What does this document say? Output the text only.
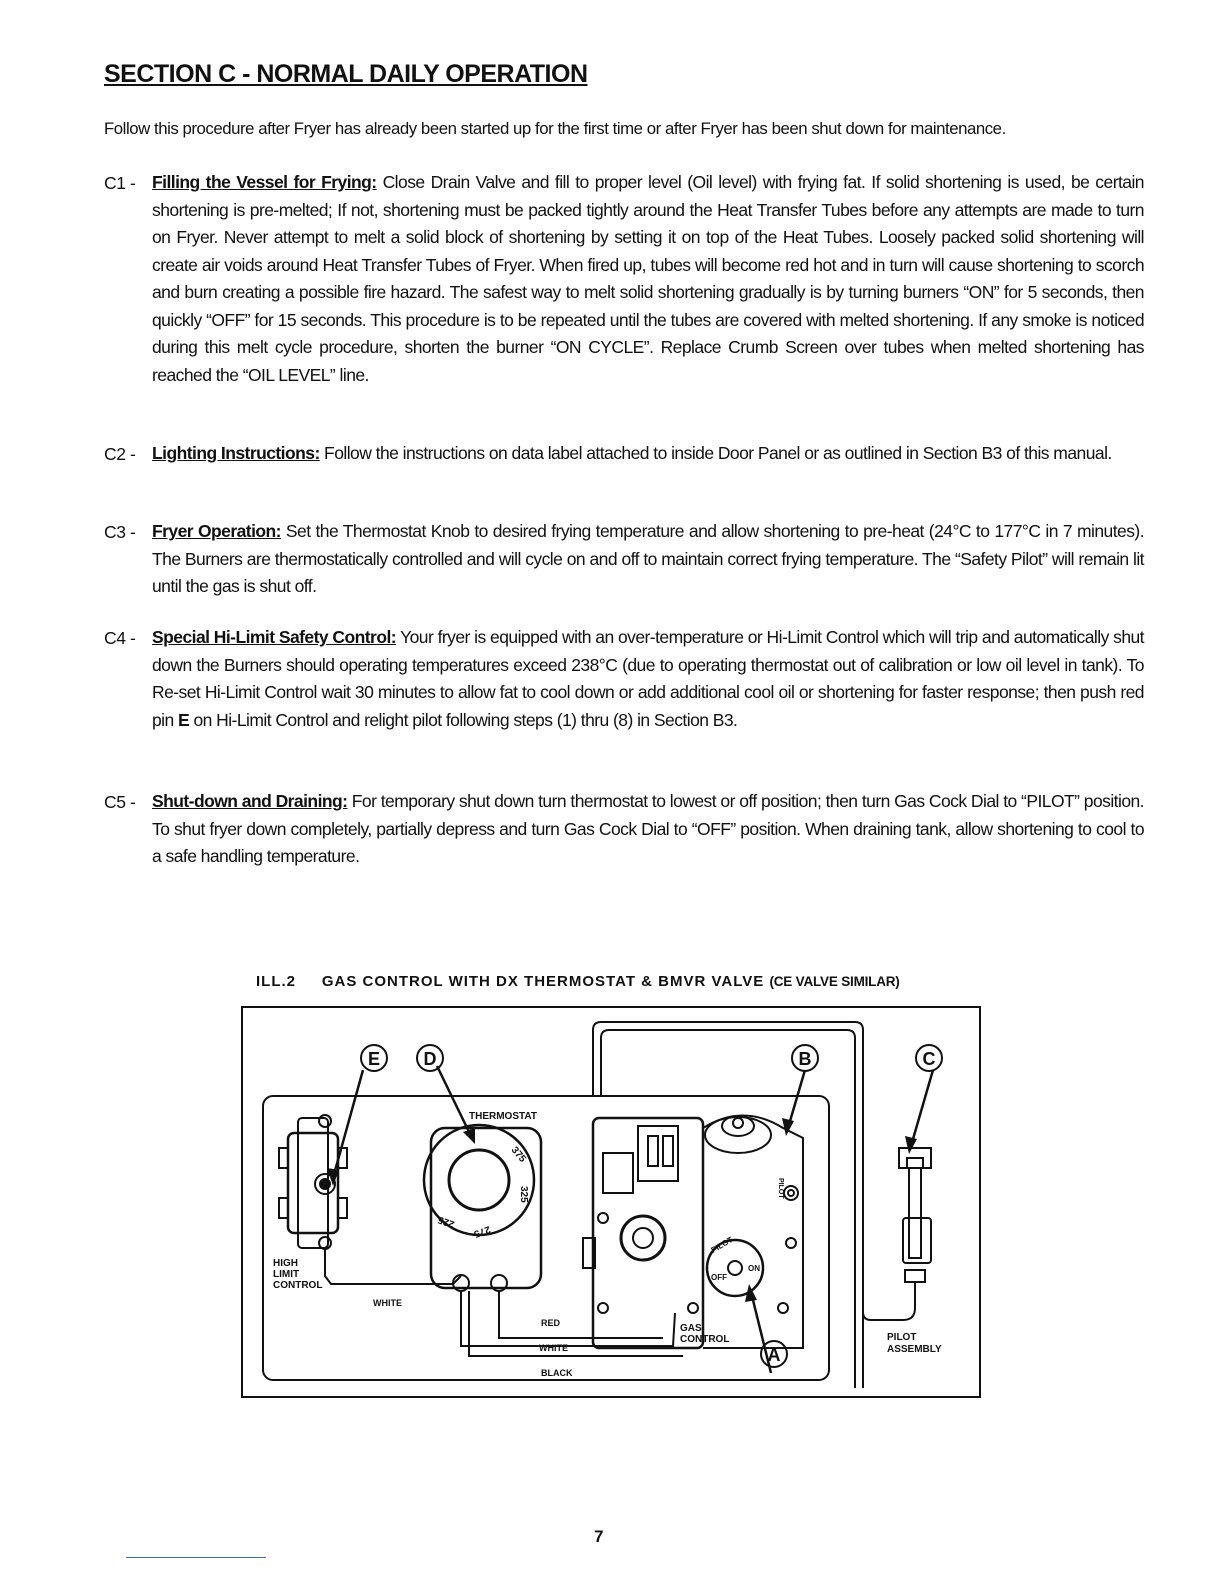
SECTION C - NORMAL DAILY OPERATION

Follow this procedure after Fryer has already been started up for the first time or after Fryer has been shut down for maintenance.

C1 - Filling the Vessel for Frying: Close Drain Valve and fill to proper level (Oil level) with frying fat. If solid shortening is used, be certain shortening is pre-melted; If not, shortening must be packed tightly around the Heat Transfer Tubes before any attempts are made to turn on Fryer. Never attempt to melt a solid block of shortening by setting it on top of the Heat Tubes. Loosely packed solid shortening will create air voids around Heat Transfer Tubes of Fryer. When fired up, tubes will become red hot and in turn will cause shortening to scorch and burn creating a possible fire hazard. The safest way to melt solid shortening gradually is by turning burners “ON” for 5 seconds, then quickly “OFF” for 15 seconds. This procedure is to be repeated until the tubes are covered with melted shortening. If any smoke is noticed during this melt cycle procedure, shorten the burner “ON CYCLE”. Replace Crumb Screen over tubes when melted shortening has reached the “OIL LEVEL” line.
C2 - Lighting Instructions: Follow the instructions on data label attached to inside Door Panel or as outlined in Section B3 of this manual.
C3 - Fryer Operation: Set the Thermostat Knob to desired frying temperature and allow shortening to pre-heat (24°C to 177°C in 7 minutes). The Burners are thermostatically controlled and will cycle on and off to maintain correct frying temperature. The “Safety Pilot” will remain lit until the gas is shut off.
C4 - Special Hi-Limit Safety Control: Your fryer is equipped with an over-temperature or Hi-Limit Control which will trip and automatically shut down the Burners should operating temperatures exceed 238°C (due to operating thermostat out of calibration or low oil level in tank). To Re-set Hi-Limit Control wait 30 minutes to allow fat to cool down or add additional cool oil or shortening for faster response; then push red pin E on Hi-Limit Control and relight pilot following steps (1) thru (8) in Section B3.
C5 - Shut-down and Draining: For temporary shut down turn thermostat to lowest or off position; then turn Gas Cock Dial to “PILOT” position. To shut fryer down completely, partially depress and turn Gas Cock Dial to “OFF” position. When draining tank, allow shortening to cool to a safe handling temperature.

ILL.2     GAS CONTROL WITH DX THERMOSTAT & BMVR VALVE (CE VALVE SIMILAR)

E D	B	C
A
THERMOSTAT
375
325
275
225
HIGH
LIMIT
CONTROL
WHITE
RED
WHITE
BLACK
GAS
CONTROL	PILOT
ASSEMBLY
PILOT
ON
OFF
PILOT

7
